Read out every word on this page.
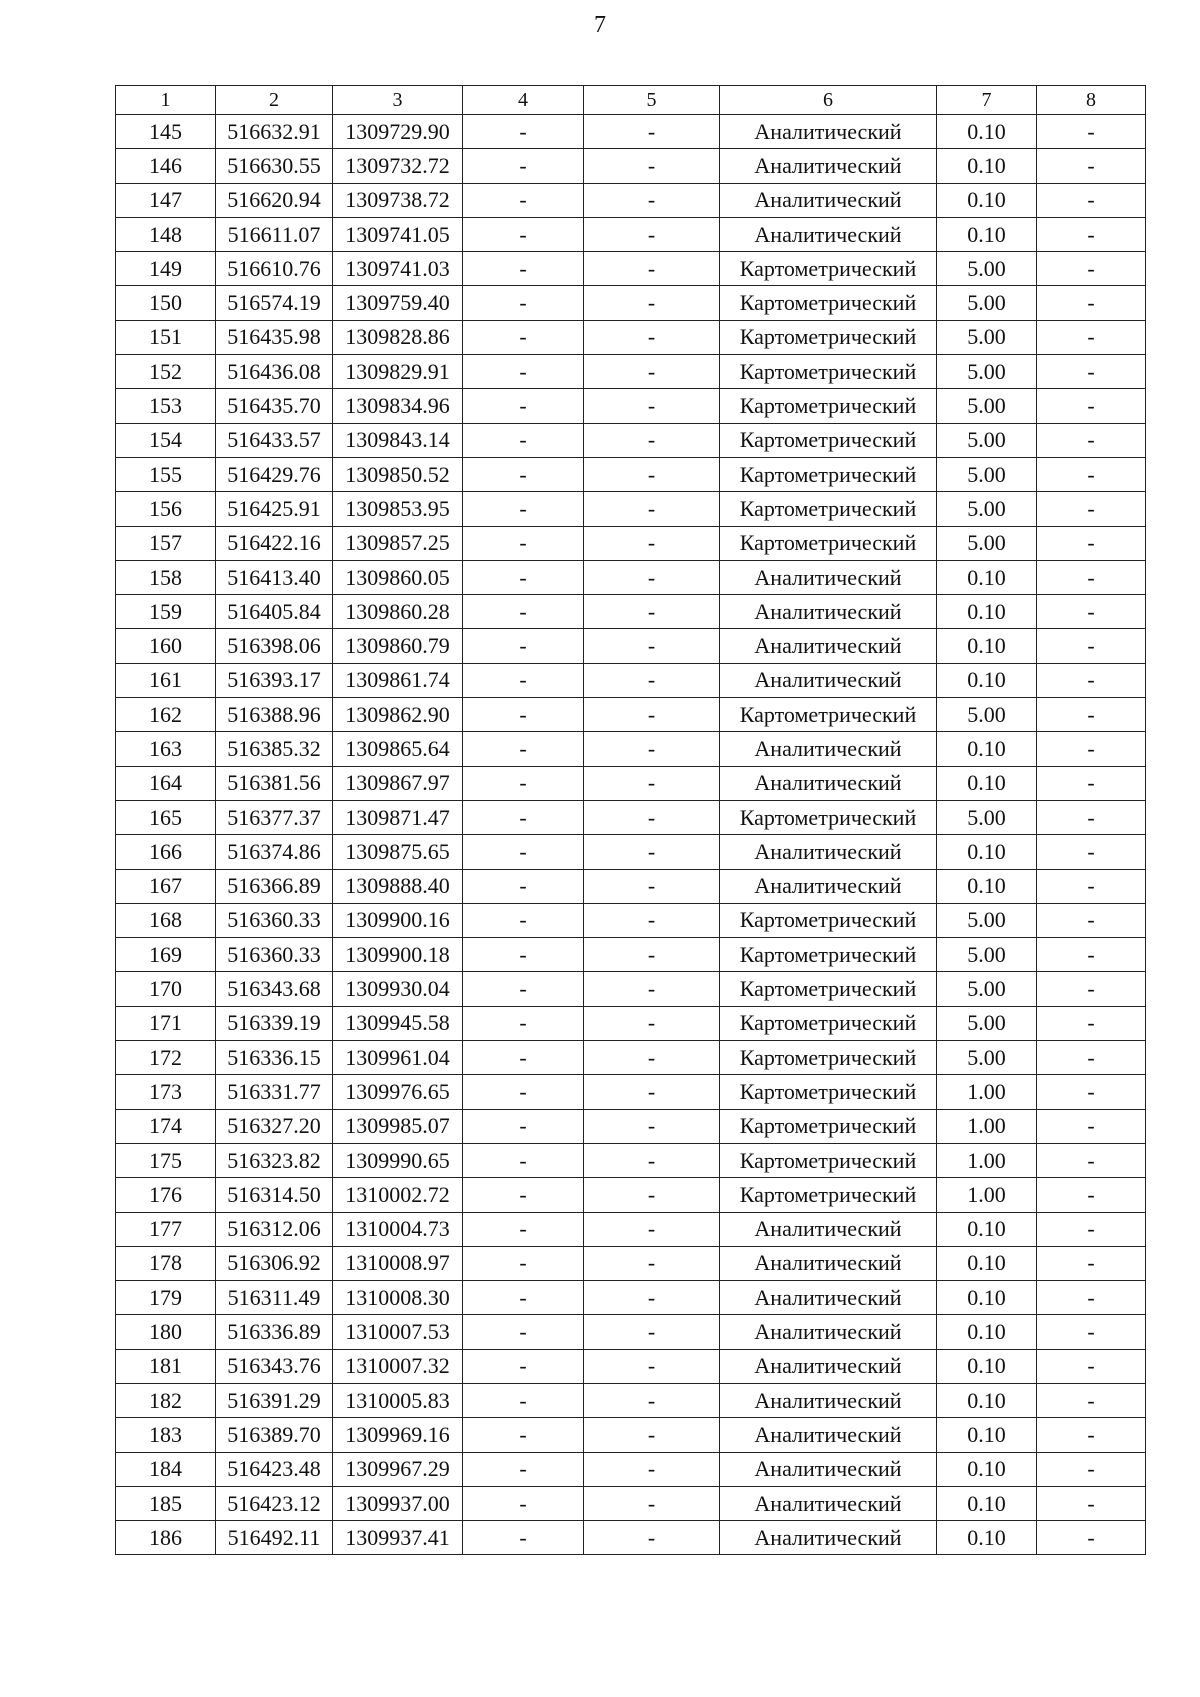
7
1	2	3	4	5	6	7	8
145	516632.91	1309729.90	-	-	Аналитический	0.10	-
146	516630.55	1309732.72	-	-	Аналитический	0.10	-
147	516620.94	1309738.72	-	-	Аналитический	0.10	-
148	516611.07	1309741.05	-	-	Аналитический	0.10	-
149	516610.76	1309741.03	-	-	Картометрический	5.00	-
150	516574.19	1309759.40	-	-	Картометрический	5.00	-
151	516435.98	1309828.86	-	-	Картометрический	5.00	-
152	516436.08	1309829.91	-	-	Картометрический	5.00	-
153	516435.70	1309834.96	-	-	Картометрический	5.00	-
154	516433.57	1309843.14	-	-	Картометрический	5.00	-
155	516429.76	1309850.52	-	-	Картометрический	5.00	-
156	516425.91	1309853.95	-	-	Картометрический	5.00	-
157	516422.16	1309857.25	-	-	Картометрический	5.00	-
158	516413.40	1309860.05	-	-	Аналитический	0.10	-
159	516405.84	1309860.28	-	-	Аналитический	0.10	-
160	516398.06	1309860.79	-	-	Аналитический	0.10	-
161	516393.17	1309861.74	-	-	Аналитический	0.10	-
162	516388.96	1309862.90	-	-	Картометрический	5.00	-
163	516385.32	1309865.64	-	-	Аналитический	0.10	-
164	516381.56	1309867.97	-	-	Аналитический	0.10	-
165	516377.37	1309871.47	-	-	Картометрический	5.00	-
166	516374.86	1309875.65	-	-	Аналитический	0.10	-
167	516366.89	1309888.40	-	-	Аналитический	0.10	-
168	516360.33	1309900.16	-	-	Картометрический	5.00	-
169	516360.33	1309900.18	-	-	Картометрический	5.00	-
170	516343.68	1309930.04	-	-	Картометрический	5.00	-
171	516339.19	1309945.58	-	-	Картометрический	5.00	-
172	516336.15	1309961.04	-	-	Картометрический	5.00	-
173	516331.77	1309976.65	-	-	Картометрический	1.00	-
174	516327.20	1309985.07	-	-	Картометрический	1.00	-
175	516323.82	1309990.65	-	-	Картометрический	1.00	-
176	516314.50	1310002.72	-	-	Картометрический	1.00	-
177	516312.06	1310004.73	-	-	Аналитический	0.10	-
178	516306.92	1310008.97	-	-	Аналитический	0.10	-
179	516311.49	1310008.30	-	-	Аналитический	0.10	-
180	516336.89	1310007.53	-	-	Аналитический	0.10	-
181	516343.76	1310007.32	-	-	Аналитический	0.10	-
182	516391.29	1310005.83	-	-	Аналитический	0.10	-
183	516389.70	1309969.16	-	-	Аналитический	0.10	-
184	516423.48	1309967.29	-	-	Аналитический	0.10	-
185	516423.12	1309937.00	-	-	Аналитический	0.10	-
186	516492.11	1309937.41	-	-	Аналитический	0.10	-
